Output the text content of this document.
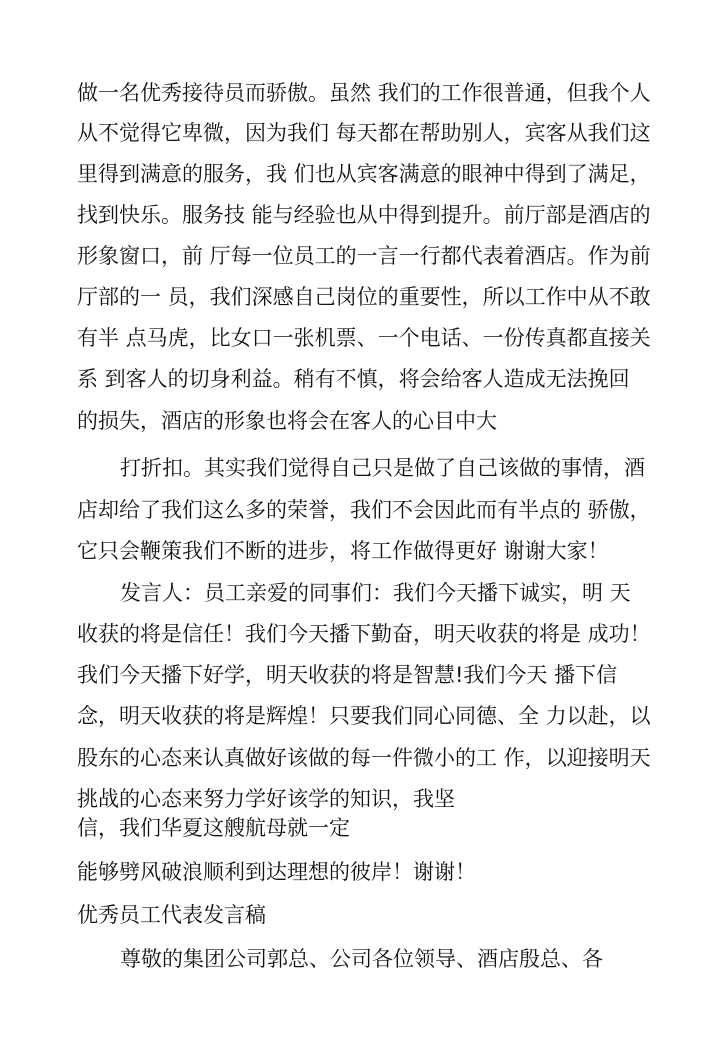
做一名优秀接待员而骄傲。虽然 我们的工作很普通，但我个人
从不觉得它卑微，因为我们 每天都在帮助别人，宾客从我们这
里得到满意的服务，我 们也从宾客满意的眼神中得到了满足，
找到快乐。服务技 能与经验也从中得到提升。前厅部是酒店的
形象窗口，前 厅每一位员工的一言一行都代表着酒店。作为前
厅部的一 员，我们深感自己岗位的重要性，所以工作中从不敢
有半 点马虎，比女口一张机票、一个电话、一份传真都直接关
系 到客人的切身利益。稍有不慎，将会给客人造成无法挽回
的损失，酒店的形象也将会在客人的心目中大
打折扣。其实我们觉得自己只是做了自己该做的事情，酒
店却给了我们这么多的荣誉，我们不会因此而有半点的 骄傲，
它只会鞭策我们不断的进步，将工作做得更好 谢谢大家！
发言人：员工亲爱的同事们：我们今天播下诚实，明 天
收获的将是信任！我们今天播下勤奋，明天收获的将是 成功！
我们今天播下好学，明天收获的将是智慧!我们今天 播下信
念，明天收获的将是辉煌！只要我们同心同德、全 力以赴，以
股东的心态来认真做好该做的每一件微小的工 作，以迎接明天
挑战的心态来努力学好该学的知识，我坚
信，我们华夏这艘航母就一定
能够劈风破浪顺利到达理想的彼岸！谢谢！
优秀员工代表发言稿
尊敬的集团公司郭总、公司各位领导、酒店殷总、各
